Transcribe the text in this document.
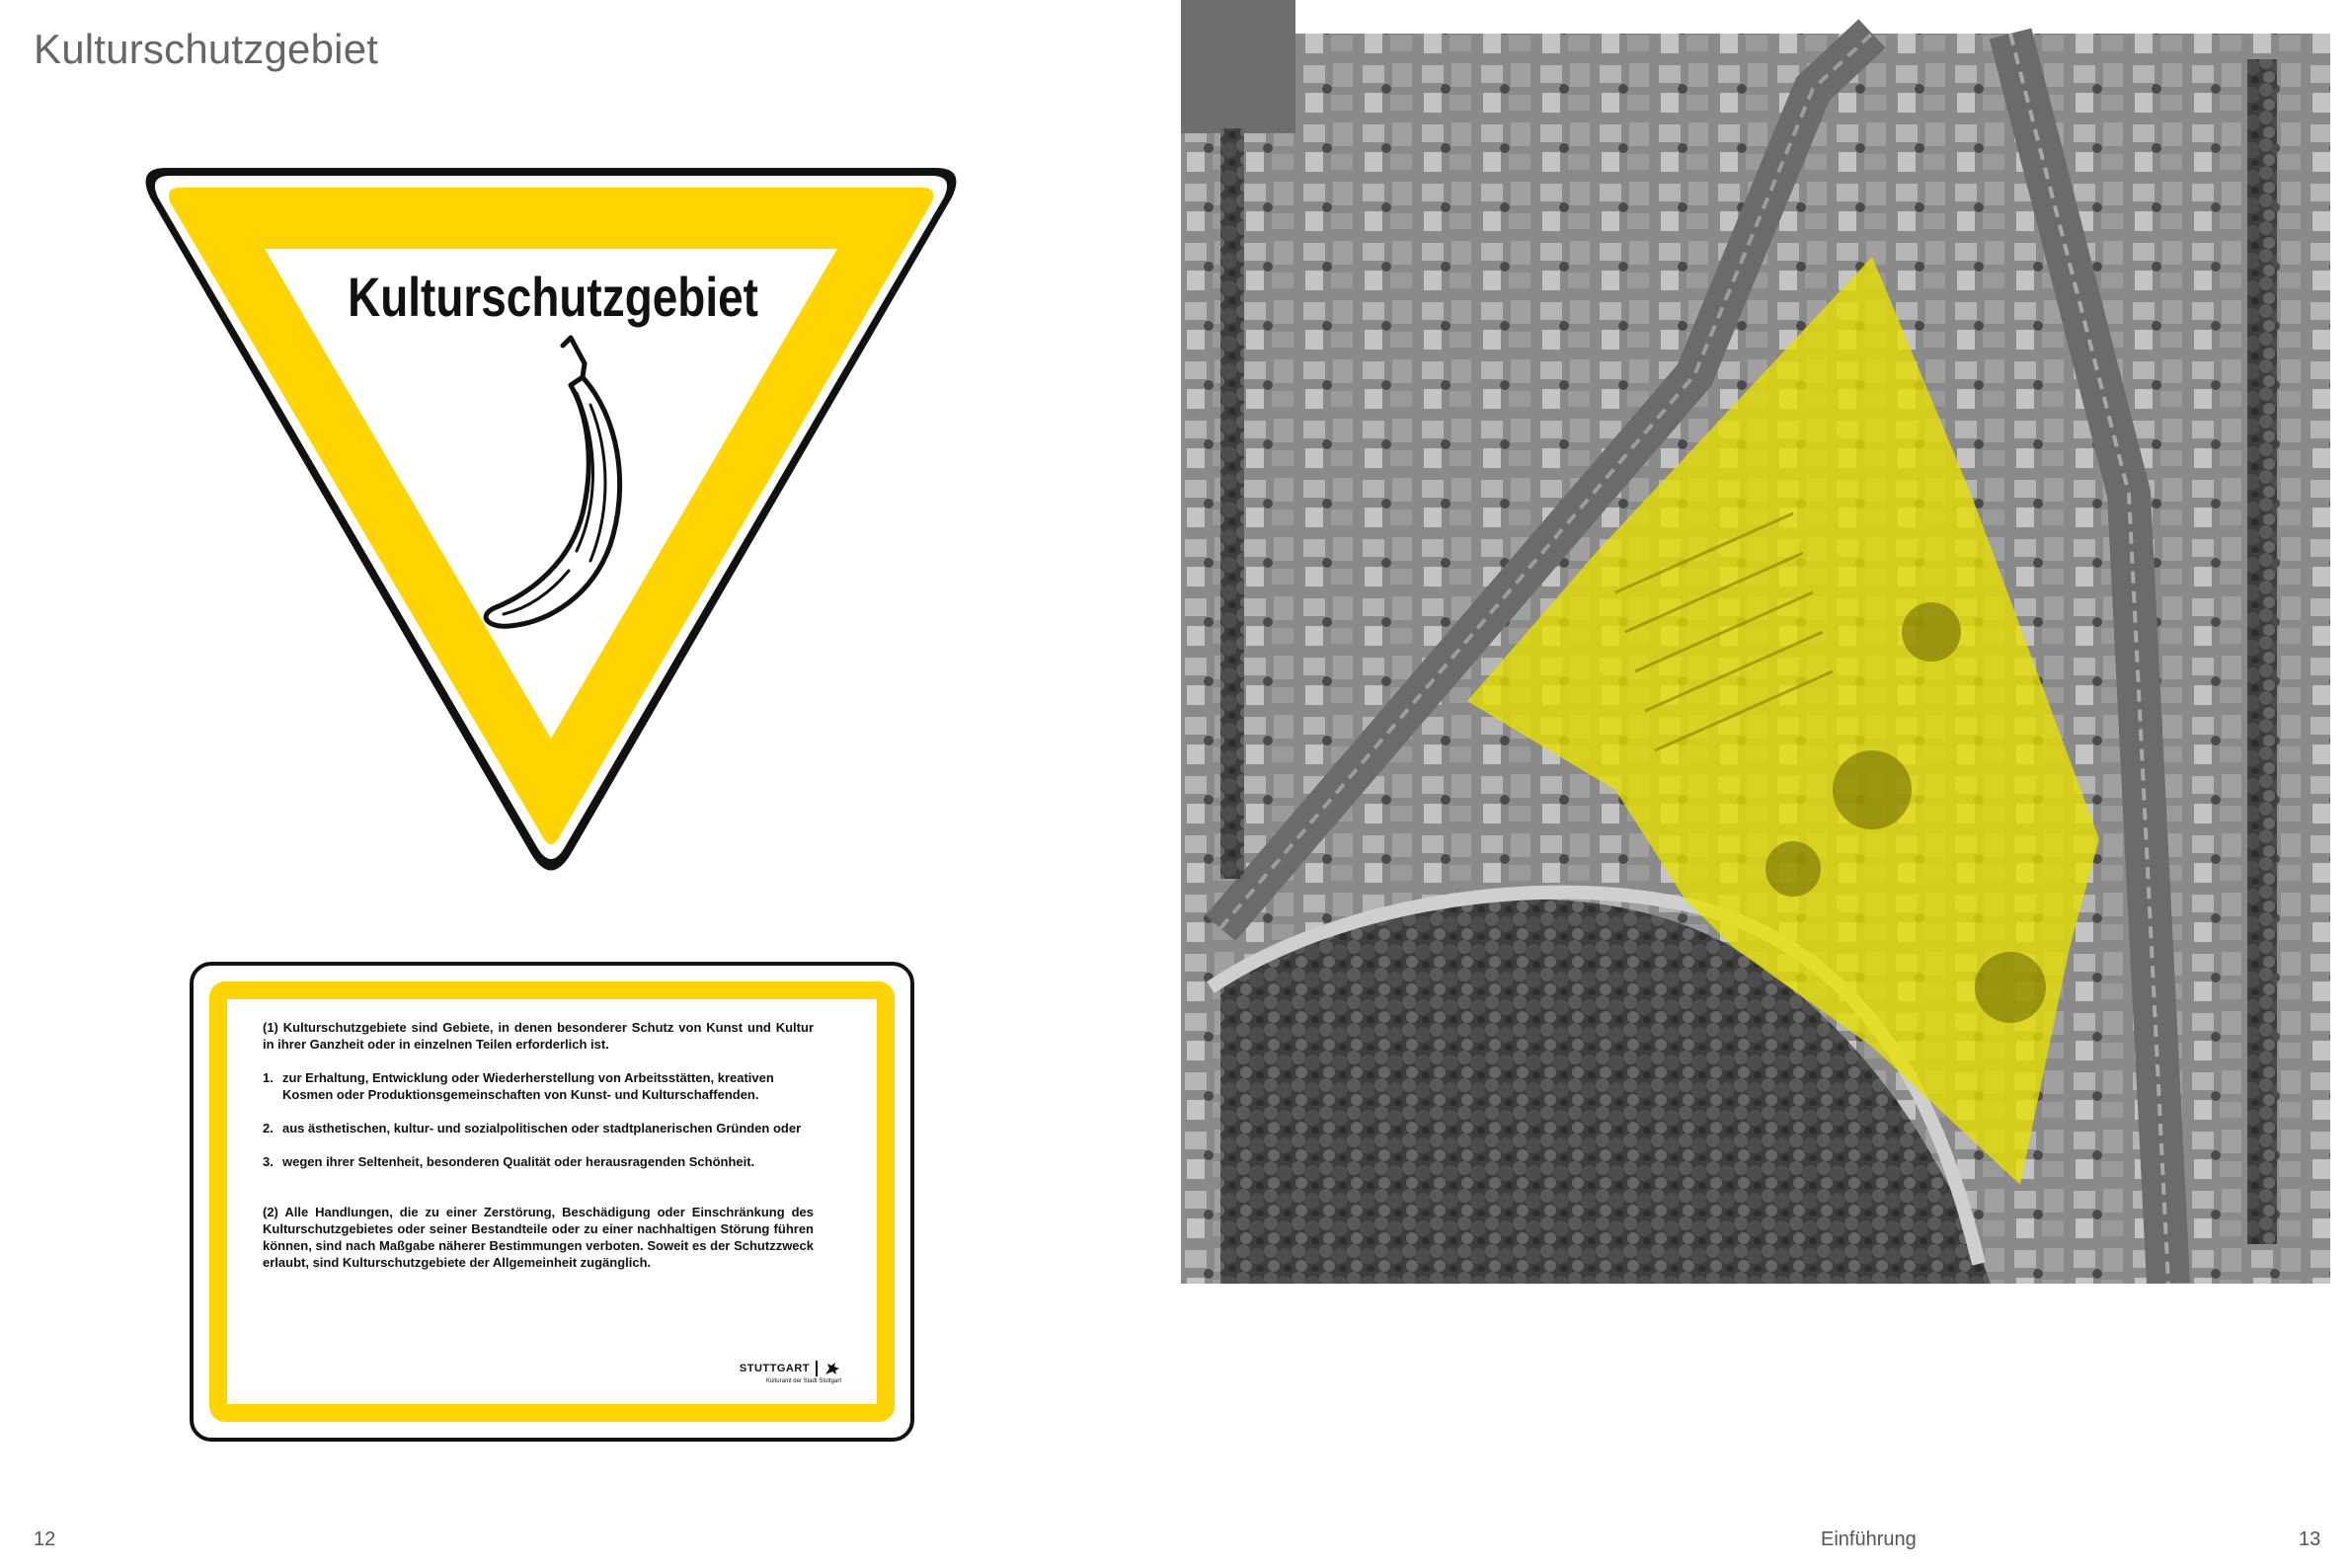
Kulturschutzgebiet
Kulturschutzgebiet

(1) Kulturschutzgebiete sind Gebiete, in denen besonderer Schutz von Kunst und Kultur in ihrer Ganzheit oder in einzelnen Teilen erforderlich ist.

1. zur Erhaltung, Entwicklung oder Wiederherstellung von Arbeitsstätten, kreativen Kosmen oder Produktionsgemeinschaften von Kunst- und Kulturschaffenden.
2. aus ästhetischen, kultur- und sozialpolitischen oder stadtplanerischen Gründen oder
3. wegen ihrer Seltenheit, besonderen Qualität oder herausragenden Schönheit.

(2) Alle Handlungen, die zu einer Zerstörung, Beschädigung oder Einschränkung des Kulturschutzgebietes oder seiner Bestandteile oder zu einer nachhaltigen Störung führen können, sind nach Maßgabe näherer Bestimmungen verboten. Soweit es der Schutzzweck erlaubt, sind Kulturschutzgebiete der Allgemeinheit zugänglich.

STUTTGART
Kulturamt der Stadt Stuttgart
12	Einführung	13
